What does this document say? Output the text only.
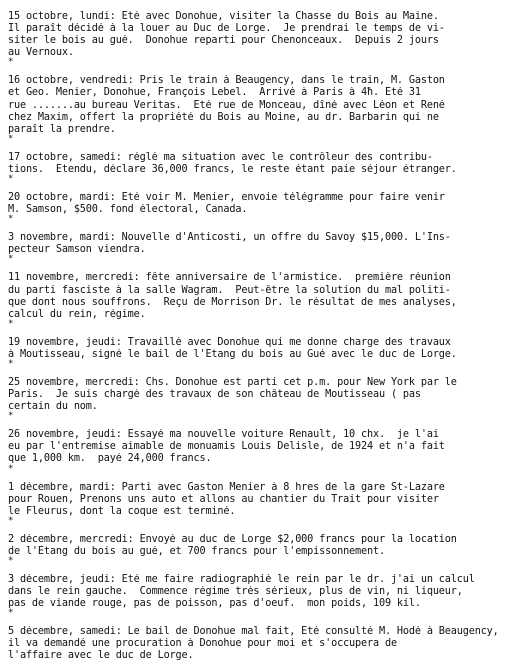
15 octobre, lundi: Été avec Donohue, visiter la Chasse du Bois au Maine.
Il paraît décidé à la louer au Duc de Lorge.  Je prendrai le temps de vi-
siter le bois au gué.  Donohue reparti pour Chenonceaux.  Depuis 2 jours
au Vernoux.
*
16 octobre, vendredi: Pris le train à Beaugency, dans le train, M. Gaston
et Geo. Menier, Donohue, François Lebel.  Arrivé à Paris à 4ħ. Été 31
rue .......au bureau Veritas.  Été rue de Monceau, dîné avec Léon et René
chez Maxim, offert la propriété du Bois au Moine, au dr. Barbarin qui ne
paraît la prendre.
*
17 octobre, samedi: réglé ma situation avec le contrôleur des contribu-
tions.  Etendu, déclare 36,000 francs, le reste étant paie séjour étranger.
*
20 octobre, mardi: Été voir M. Menier, envoie télégramme pour faire venir
M. Samson, $500. fond électoral, Canada.
*
3 novembre, mardi: Nouvelle d'Anticosti, un offre du Savoy $15,000. L'Ins-
pecteur Samson viendra.
*
11 novembre, mercredi: fête anniversaire de l'armistice.  première réunion
du parti fasciste à la salle Wagram.  Peut-être la solution du mal politi-
que dont nous souffrons.  Reçu de Morrison Dr. le résultat de mes analyses,
calcul du rein, régime.
*
19 novembre, jeudi: Travaillé avec Donohue qui me donne charge des travaux
à Moutisseau, signé le bail de l'Étang du bois au Gué avec le duc de Lorge.
*
25 novembre, mercredi: Chs. Donohue est parti cet p.m. pour New York par le
Paris.  Je suis chargé des travaux de son château de Moutisseau ( pas
certain du nom.
*
26 novembre, jeudi: Essayé ma nouvelle voiture Renault, 10 chx.  je l'ai
eu par l'entremise aimable de monuamis Louis Delisle, de 1924 et n'a fait
que 1,000 km.  payé 24,000 francs.
*
1 décembre, mardi: Parti avec Gaston Menier à 8 hres de la gare St-Lazare
pour Rouen, Prenons uns auto et allons au chantier du Trait pour visiter
le Fleurus, dont la coque est terminé.
*
2 décembre, mercredi: Envoyé au duc de Lorge $2,000 francs pour la location
de l'Étang du bois au gué, et 700 francs pour l'empissonnement.
*
3 décembre, jeudi: Été me faire radiographié le rein par le dr. j'ai un calcul
dans le rein gauche.  Commence régime très sérieux, plus de vin, ni liqueur,
pas de viande rouge, pas de poisson, pas d'oeuf.  mon poids, 109 kil.
*
5 décembre, samedi: Le bail de Donohue mal fait, Été consulté M. Hodé à Beaugency,
il va demandé une procuration à Donohue pour moi et s'occupera de
l'affaire avec le duc de Lorge.
